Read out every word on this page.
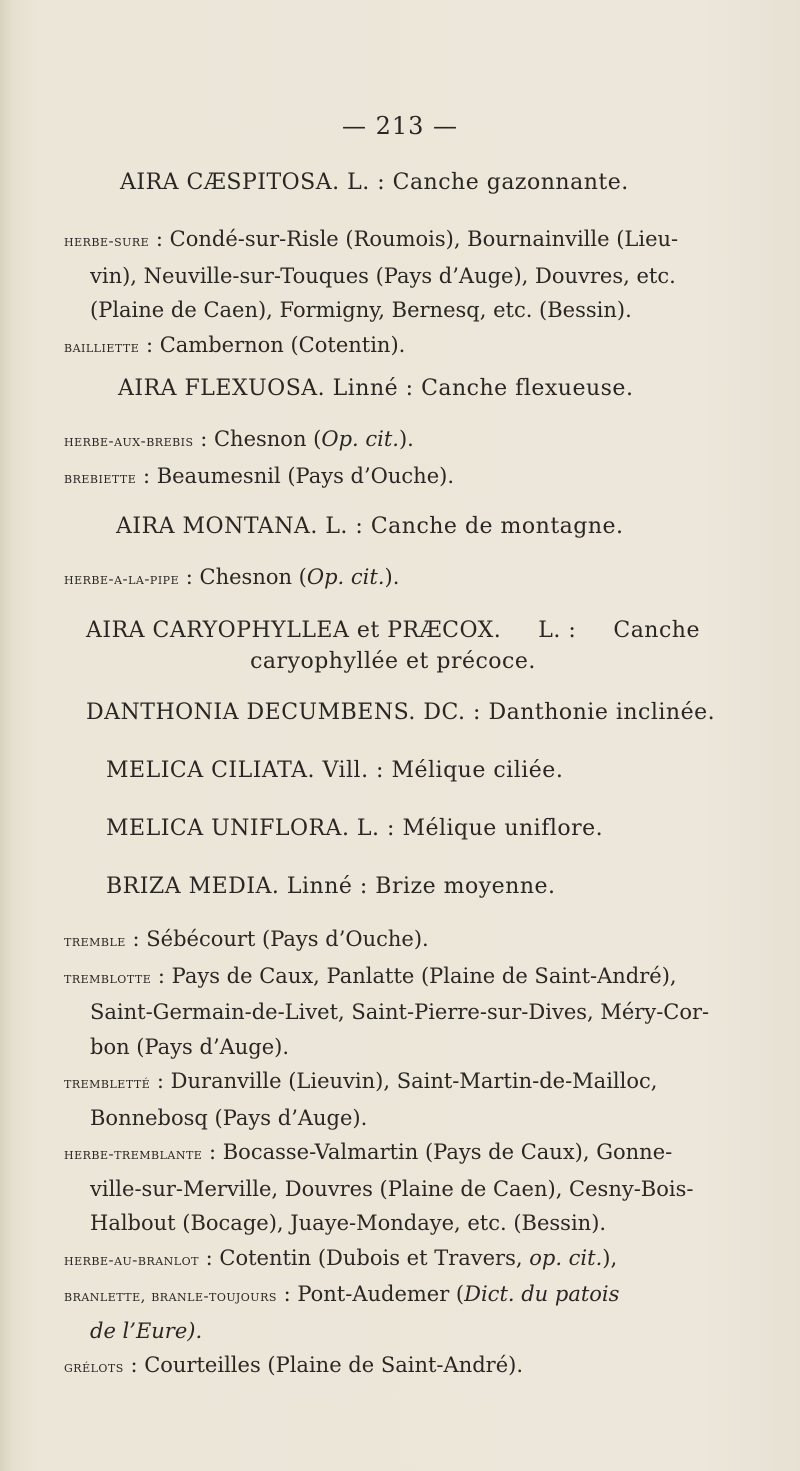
— 213 —
AIRA CÆSPITOSA. L. : Canche gazonnante.
herbe-sure : Condé-sur-Risle (Roumois), Bournainville (Lieu-
vin), Neuville-sur-Touques (Pays d’Auge), Douvres, etc.
(Plaine de Caen), Formigny, Bernesq, etc. (Bessin).
bailliette : Cambernon (Cotentin).
AIRA FLEXUOSA. Linné : Canche flexueuse.
herbe-aux-brebis : Chesnon (Op. cit.).
brebiette : Beaumesnil (Pays d’Ouche).
AIRA MONTANA. L. : Canche de montagne.
herbe-a-la-pipe : Chesnon (Op. cit.).
AIRA CARYOPHYLLEA et PRÆCOX. L. : Canche
caryophyllée et précoce.
DANTHONIA DECUMBENS. DC. : Danthonie inclinée.
MELICA CILIATA. Vill. : Mélique ciliée.
MELICA UNIFLORA. L. : Mélique uniflore.
BRIZA MEDIA. Linné : Brize moyenne.
tremble : Sébécourt (Pays d’Ouche).
tremblotte : Pays de Caux, Panlatte (Plaine de Saint-André),
Saint-Germain-de-Livet, Saint-Pierre-sur-Dives, Méry-Cor-
bon (Pays d’Auge).
trembletté : Duranville (Lieuvin), Saint-Martin-de-Mailloc,
Bonnebosq (Pays d’Auge).
herbe-tremblante : Bocasse-Valmartin (Pays de Caux), Gonne-
ville-sur-Merville, Douvres (Plaine de Caen), Cesny-Bois-
Halbout (Bocage), Juaye-Mondaye, etc. (Bessin).
herbe-au-branlot : Cotentin (Dubois et Travers, op. cit.),
branlette, branle-toujours : Pont-Audemer (Dict. du patois
de l’Eure).
grélots : Courteilles (Plaine de Saint-André).
